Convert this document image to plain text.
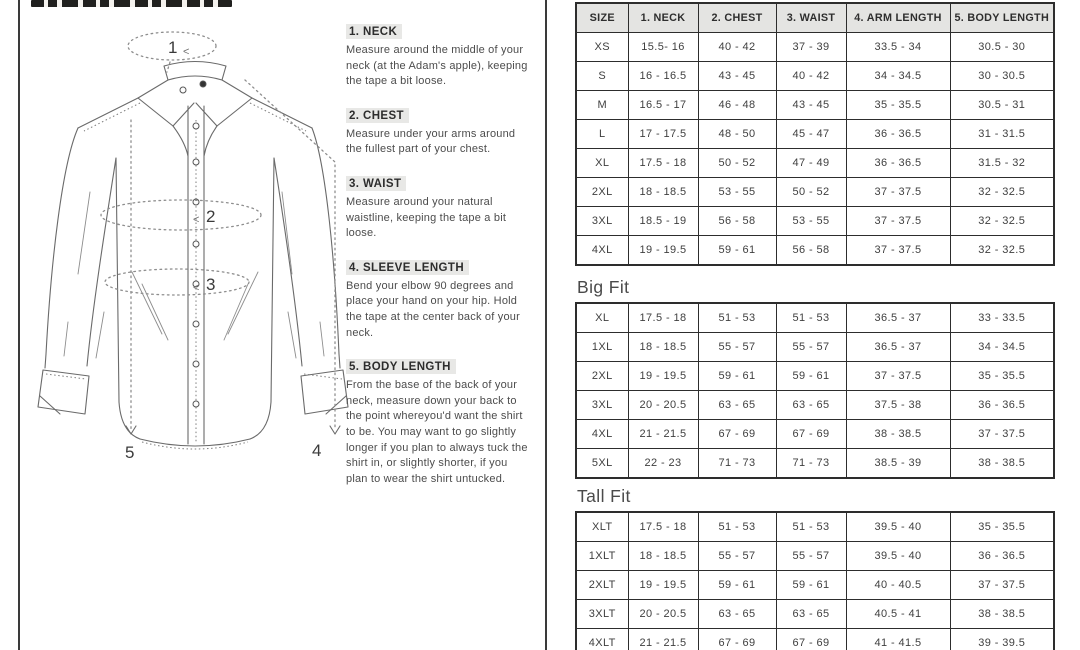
1 <
< 2
< 3
5	4
1. NECK

Measure around the middle of your neck (at the Adam's apple), keeping the tape a bit loose.

2. CHEST

Measure under your arms around the fullest part of your chest.

3. WAIST

Measure around your natural waistline, keeping the tape a bit loose.

4. SLEEVE LENGTH

Bend your elbow 90 degrees and place your hand on your hip. Hold the tape at the center back of your neck.

5. BODY LENGTH

From the base of the back of your neck, measure down your back to the point whereyou'd want the shirt to be. You may want to go slightly longer if you plan to always tuck the shirt in, or slightly shorter, if you plan to wear the shirt untucked.

SIZE	1. NECK	2. CHEST	3. WAIST	4. ARM LENGTH	5. BODY LENGTH
XS	15.5- 16	40 - 42	37 - 39	33.5 - 34	30.5 - 30
S	16 - 16.5	43 - 45	40 - 42	34 - 34.5	30 - 30.5
M	16.5 - 17	46 - 48	43 - 45	35 - 35.5	30.5 - 31
L	17 - 17.5	48 - 50	45 - 47	36 - 36.5	31 - 31.5
XL	17.5 - 18	50 - 52	47 - 49	36 - 36.5	31.5 - 32
2XL	18 - 18.5	53 - 55	50 - 52	37 - 37.5	32 - 32.5
3XL	18.5 - 19	56 - 58	53 - 55	37 - 37.5	32 - 32.5
4XL	19 - 19.5	59 - 61	56 - 58	37 - 37.5	32 - 32.5
Big Fit
XL	17.5 - 18	51 - 53	51 - 53	36.5 - 37	33 - 33.5
1XL	18 - 18.5	55 - 57	55 - 57	36.5 - 37	34 - 34.5
2XL	19 - 19.5	59 - 61	59 - 61	37 - 37.5	35 - 35.5
3XL	20 - 20.5	63 - 65	63 - 65	37.5 - 38	36 - 36.5
4XL	21 - 21.5	67 - 69	67 - 69	38 - 38.5	37 - 37.5
5XL	22 - 23	71 - 73	71 - 73	38.5 - 39	38 - 38.5
Tall Fit
XLT	17.5 - 18	51 - 53	51 - 53	39.5 - 40	35 - 35.5
1XLT	18 - 18.5	55 - 57	55 - 57	39.5 - 40	36 - 36.5
2XLT	19 - 19.5	59 - 61	59 - 61	40 - 40.5	37 - 37.5
3XLT	20 - 20.5	63 - 65	63 - 65	40.5 - 41	38 - 38.5
4XLT	21 - 21.5	67 - 69	67 - 69	41 - 41.5	39 - 39.5
